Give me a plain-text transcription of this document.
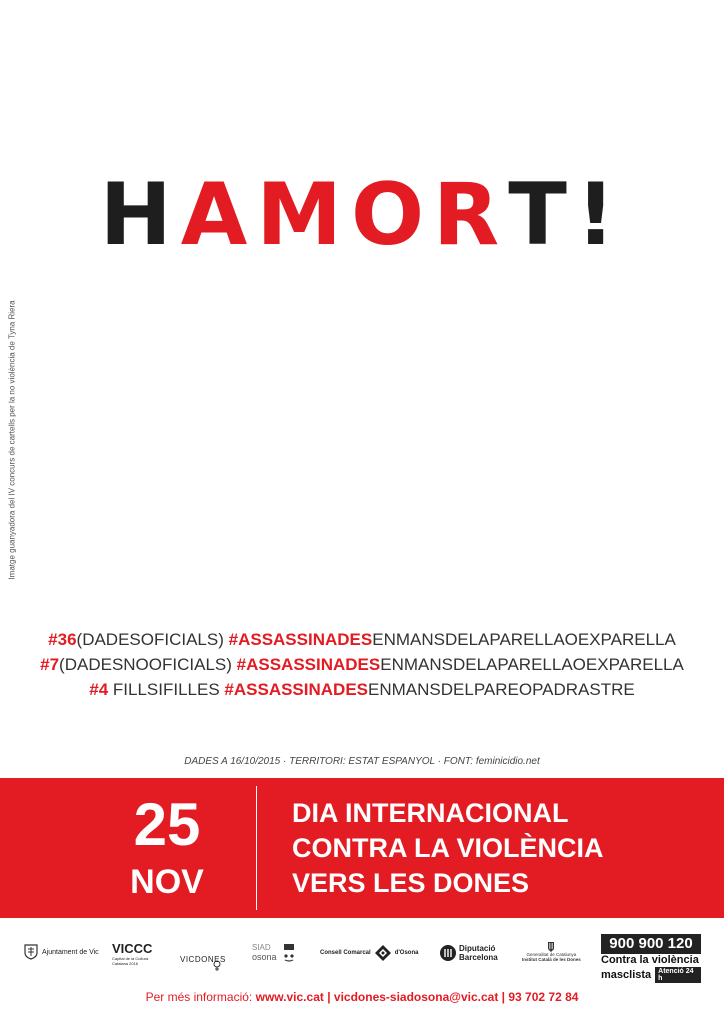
HAMORT!
Imatge guanyadora del IV concurs de cartells per la no violència de Tyna Riera
#36(DADESOFICIALS) #ASSASSINADESENMANSDELAPARELLAOEXPARELLA
#7(DADESNOOFICIALS) #ASSASSINADESENMANSDELAPARELLAOEXPARELLA
#4 FILLSIFILLES #ASSASSINADESENMANSDELPAREOPADRASTRE
DADES A 16/10/2015 · TERRITORI: ESTAT ESPANYOL · FONT: feminicidio.net
25
NOV
DIA INTERNACIONAL
CONTRA LA VIOLÈNCIA
VERS LES DONES
Ajuntament de Vic VICCC
Capital de la Cultura Catalana 2016	VICDONES
SIAD
osona	Consell Comarcal	d'Osona	Diputació
Barcelona	Generalitat de Catalunya
Institut Català de les Dones
900 900 120
Contra la violència
masclista	Atenció 24 h
Per més informació: www.vic.cat | vicdones-siadosona@vic.cat | 93 702 72 84
